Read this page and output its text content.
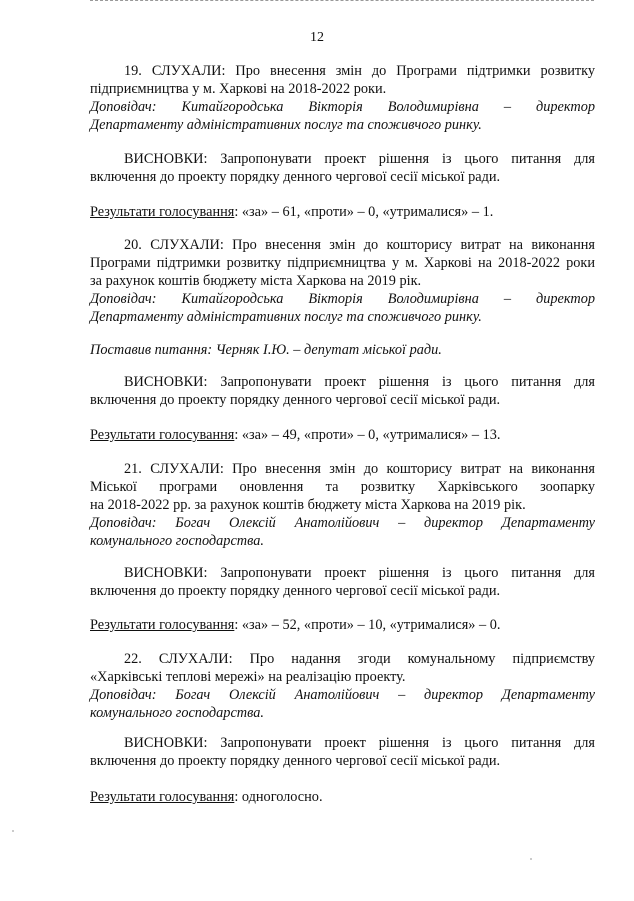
12

19. СЛУХАЛИ: Про внесення змін до Програми підтримки розвитку

підприємництва у м. Харкові на 2018-2022 роки.

Доповідач: Китайгородська Вікторія Володимирівна – директор

Департаменту адміністративних послуг та споживчого ринку.

ВИСНОВКИ: Запропонувати проект рішення із цього питання для

включення до проекту порядку денного чергової сесії міської ради.

Результати голосування: «за» – 61, «проти» – 0, «утрималися» – 1.

20. СЛУХАЛИ: Про внесення змін до кошторису витрат на виконання

Програми підтримки розвитку підприємництва у м. Харкові на 2018-2022 роки

за рахунок коштів бюджету міста Харкова на 2019 рік.

Доповідач: Китайгородська Вікторія Володимирівна – директор

Департаменту адміністративних послуг та споживчого ринку.

Поставив питання: Черняк І.Ю. – депутат міської ради.

ВИСНОВКИ: Запропонувати проект рішення із цього питання для

включення до проекту порядку денного чергової сесії міської ради.

Результати голосування: «за» – 49, «проти» – 0, «утрималися» – 13.

21. СЛУХАЛИ: Про внесення змін до кошторису витрат на виконання

Міської програми оновлення та розвитку Харківського зоопарку

на 2018-2022 рр. за рахунок коштів бюджету міста Харкова на 2019 рік.

Доповідач: Богач Олексій Анатолійович – директор Департаменту

комунального господарства.

ВИСНОВКИ: Запропонувати проект рішення із цього питання для

включення до проекту порядку денного чергової сесії міської ради.

Результати голосування: «за» – 52, «проти» – 10, «утрималися» – 0.

22. СЛУХАЛИ: Про надання згоди комунальному підприємству

«Харківські теплові мережі» на реалізацію проекту.

Доповідач: Богач Олексій Анатолійович – директор Департаменту

комунального господарства.

ВИСНОВКИ: Запропонувати проект рішення із цього питання для

включення до проекту порядку денного чергової сесії міської ради.

Результати голосування: одноголосно.
